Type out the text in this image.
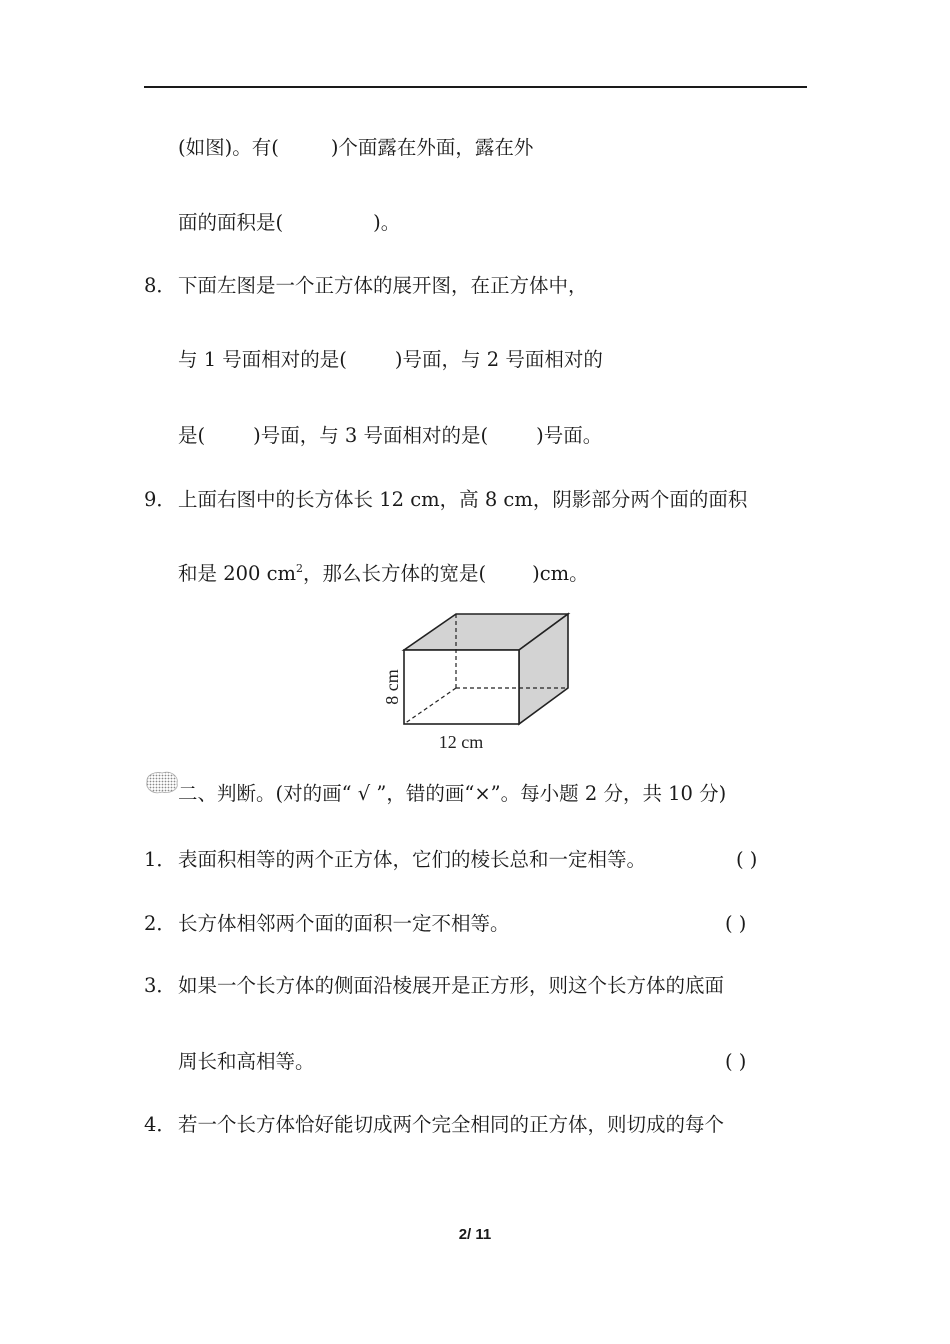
(如图)。有(	)个面露在外面，露在外
面的面积是(	)。
8． 下面左图是一个正方体的展开图，在正方体中，
与 1 号面相对的是( )号面，与 2 号面相对的
是( )号面，与 3 号面相对的是( )号面。
9． 上面右图中的长方体长 12 cm，高 8 cm，阴影部分两个面的面积
和是 200 $cm^2$，那么长方体的宽是( )cm。
8 cm
12 cm
二、判断。(对的画“ √ ”，错的画“×”。每小题 2 分，共 10 分)
1． 表面积相等的两个正方体，它们的棱长总和一定相等。	( )
2． 长方体相邻两个面的面积一定不相等。	( )
3． 如果一个长方体的侧面沿棱展开是正方形，则这个长方体的底面
周长和高相等。	( )
4． 若一个长方体恰好能切成两个完全相同的正方体，则切成的每个
2/ 11
